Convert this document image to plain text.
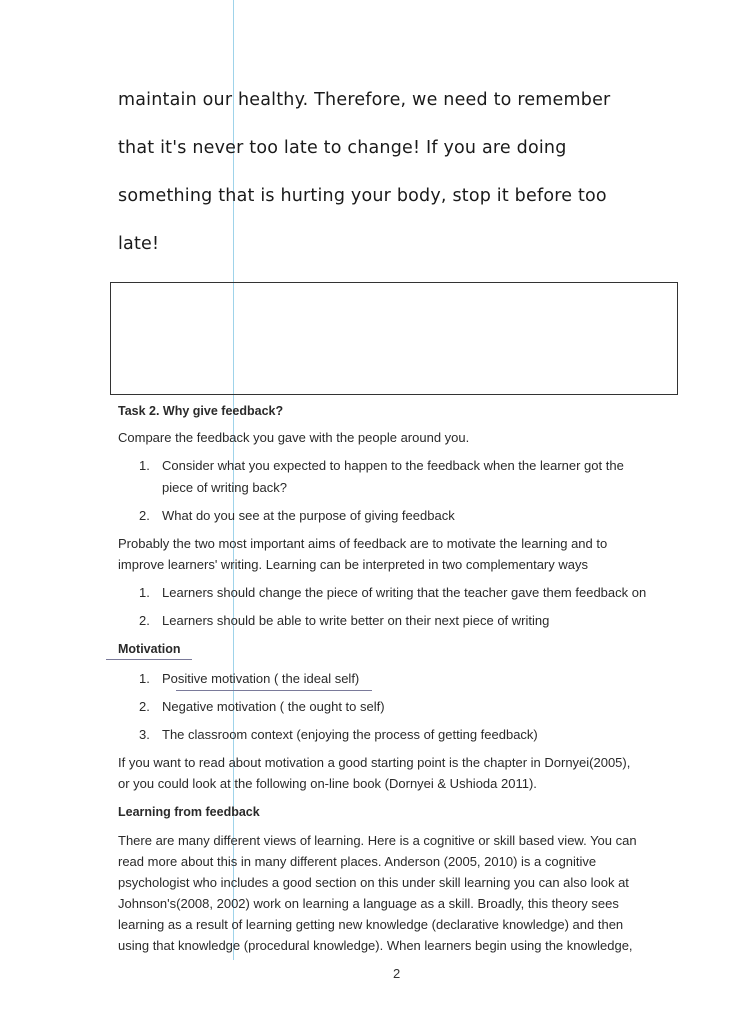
maintain our healthy. Therefore, we need to remember
that it's never too late to change! If you are doing
something that is hurting your body, stop it before too
late!
Task 2. Why give feedback?
Compare the feedback you gave with the people around you.
1. Consider what you expected to happen to the feedback when the learner got the
piece of writing back?
2. What do you see at the purpose of giving feedback
Probably the two most important aims of feedback are to motivate the learning and to
improve learners' writing. Learning can be interpreted in two complementary ways
1. Learners should change the piece of writing that the teacher gave them feedback on
2. Learners should be able to write better on their next piece of writing
Motivation
1. Positive motivation ( the ideal self)
2. Negative motivation ( the ought to self)
3. The classroom context (enjoying the process of getting feedback)
If you want to read about motivation a good starting point is the chapter in Dornyei(2005),
or you could look at the following on-line book (Dornyei & Ushioda 2011).
Learning from feedback
There are many different views of learning. Here is a cognitive or skill based view. You can
read more about this in many different places. Anderson (2005, 2010) is a cognitive
psychologist who includes a good section on this under skill learning you can also look at
Johnson's(2008, 2002) work on learning a language as a skill. Broadly, this theory sees
learning as a result of learning getting new knowledge (declarative knowledge) and then
using that knowledge (procedural knowledge). When learners begin using the knowledge,
2
